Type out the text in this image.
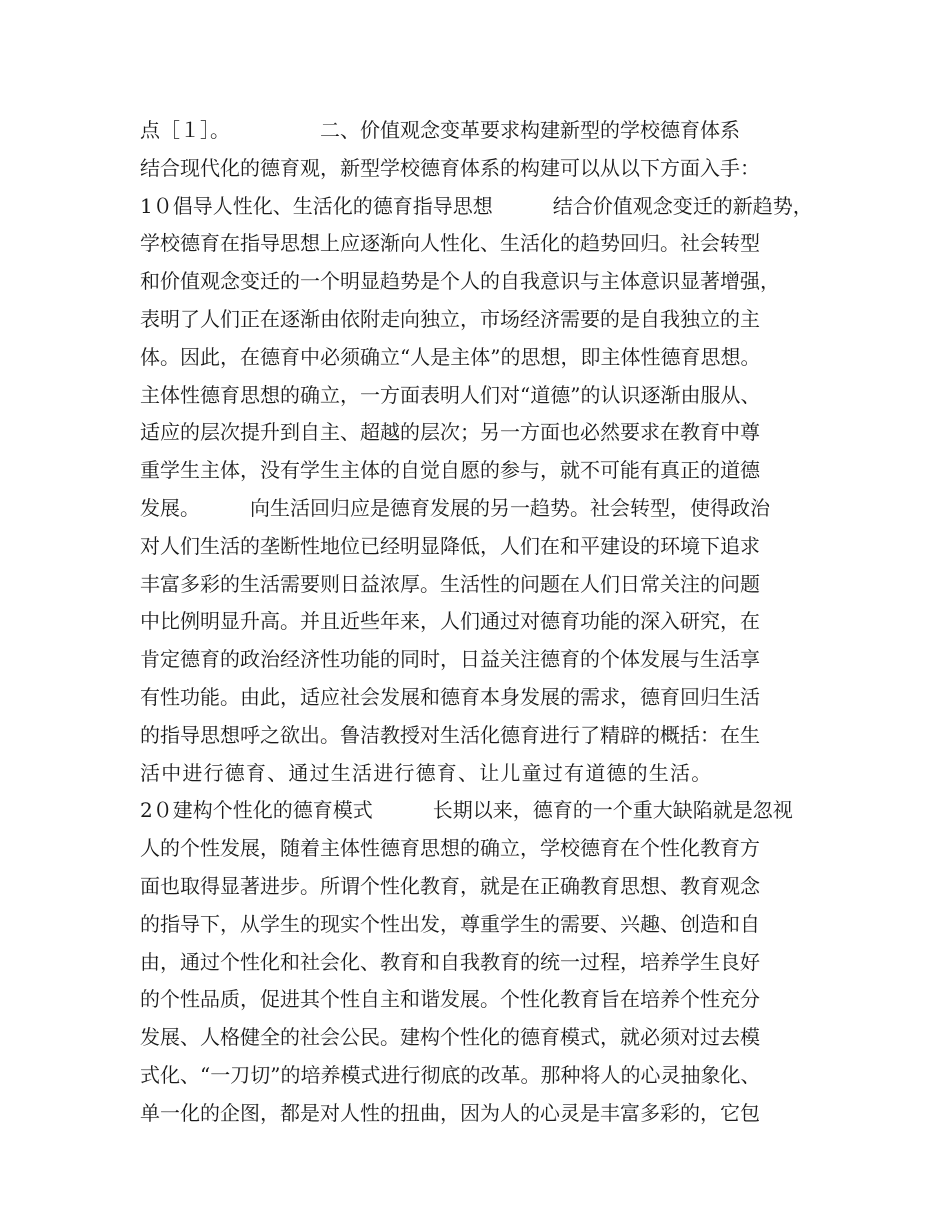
点［１］。　　　　　二、价值观念变革要求构建新型的学校德育体系
结合现代化的德育观，新型学校德育体系的构建可以从以下方面入手：
1０倡导人性化、生活化的德育指导思想　　　结合价值观念变迁的新趋势，
学校德育在指导思想上应逐渐向人性化、生活化的趋势回归。社会转型
和价值观念变迁的一个明显趋势是个人的自我意识与主体意识显著增强，
表明了人们正在逐渐由依附走向独立，市场经济需要的是自我独立的主
体。因此，在德育中必须确立“人是主体”的思想，即主体性德育思想。
主体性德育思想的确立，一方面表明人们对“道德”的认识逐渐由服从、
适应的层次提升到自主、超越的层次；另一方面也必然要求在教育中尊
重学生主体，没有学生主体的自觉自愿的参与，就不可能有真正的道德
发展。　　　向生活回归应是德育发展的另一趋势。社会转型，使得政治
对人们生活的垄断性地位已经明显降低，人们在和平建设的环境下追求
丰富多彩的生活需要则日益浓厚。生活性的问题在人们日常关注的问题
中比例明显升高。并且近些年来，人们通过对德育功能的深入研究，在
肯定德育的政治经济性功能的同时，日益关注德育的个体发展与生活享
有性功能。由此，适应社会发展和德育本身发展的需求，德育回归生活
的指导思想呼之欲出。鲁洁教授对生活化德育进行了精辟的概括：在生
活中进行德育、通过生活进行德育、让儿童过有道德的生活。
2０建构个性化的德育模式　　　长期以来，德育的一个重大缺陷就是忽视
人的个性发展，随着主体性德育思想的确立，学校德育在个性化教育方
面也取得显著进步。所谓个性化教育，就是在正确教育思想、教育观念
的指导下，从学生的现实个性出发，尊重学生的需要、兴趣、创造和自
由，通过个性化和社会化、教育和自我教育的统一过程，培养学生良好
的个性品质，促进其个性自主和谐发展。个性化教育旨在培养个性充分
发展、人格健全的社会公民。建构个性化的德育模式，就必须对过去模
式化、“一刀切”的培养模式进行彻底的改革。那种将人的心灵抽象化、
单一化的企图，都是对人性的扭曲，因为人的心灵是丰富多彩的，它包
